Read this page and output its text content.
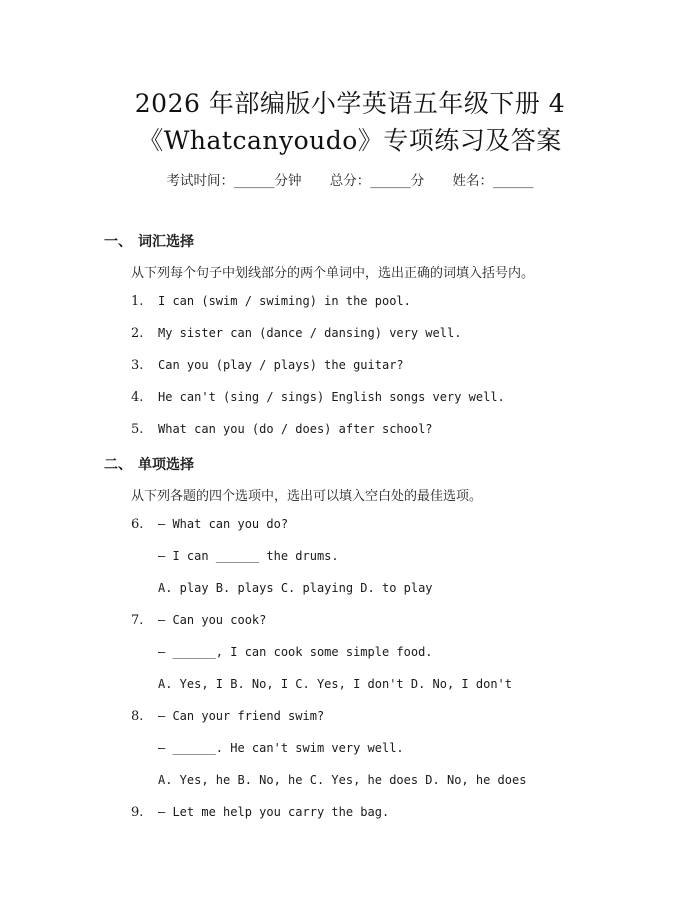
2026 年部编版小学英语五年级下册 4
《Whatcanyoudo》专项练习及答案
考试时间：______分钟 总分：______分 姓名：______
一、 词汇选择
从下列每个句子中划线部分的两个单词中，选出正确的词填入括号内。
1. I can (swim / swiming) in the pool.
2. My sister can (dance / dansing) very well.
3. Can you (play / plays) the guitar?
4. He can't (sing / sings) English songs very well.
5. What can you (do / does) after school?
二、 单项选择
从下列各题的四个选项中，选出可以填入空白处的最佳选项。
6. — What can you do?
— I can ______ the drums.
A. play B. plays C. playing D. to play
7. — Can you cook?
— ______, I can cook some simple food.
A. Yes, I B. No, I C. Yes, I don't D. No, I don't
8. — Can your friend swim?
— ______. He can't swim very well.
A. Yes, he B. No, he C. Yes, he does D. No, he does
9. — Let me help you carry the bag.
